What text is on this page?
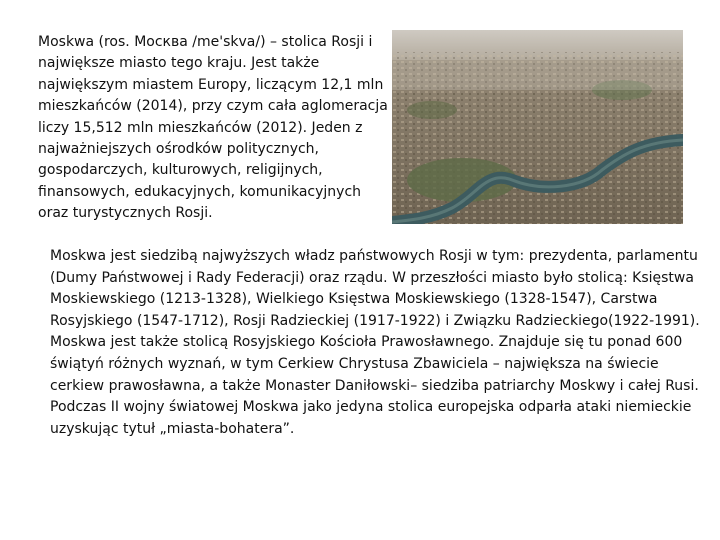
Moskwa (ros. Москва /me'skva/) – stolica Rosji i największe miasto tego kraju. Jest także największym miastem Europy, liczącym 12,1 mln mieszkańców (2014), przy czym cała aglomeracja liczy 15,512 mln mieszkańców (2012). Jeden z najważniejszych ośrodków politycznych, gospodarczych, kulturowych, religijnych, finansowych, edukacyjnych, komunikacyjnych oraz turystycznych Rosji.

Moskwa jest siedzibą najwyższych władz państwowych Rosji w tym: prezydenta, parlamentu (Dumy Państwowej i Rady Federacji) oraz rządu. W przeszłości miasto było stolicą: Księstwa Moskiewskiego (1213-1328), Wielkiego Księstwa Moskiewskiego (1328-1547), Carstwa Rosyjskiego (1547-1712), Rosji Radzieckiej (1917-1922) i Związku Radzieckiego(1922-1991). Moskwa jest także stolicą Rosyjskiego Kościoła Prawosławnego. Znajduje się tu ponad 600 świątyń różnych wyznań, w tym Cerkiew Chrystusa Zbawiciela – największa na świecie cerkiew prawosławna, a także Monaster Daniłowski– siedziba patriarchy Moskwy i całej Rusi. Podczas II wojny światowej Moskwa jako jedyna stolica europejska odparła ataki niemieckie uzyskując tytuł „miasta-bohatera”.
